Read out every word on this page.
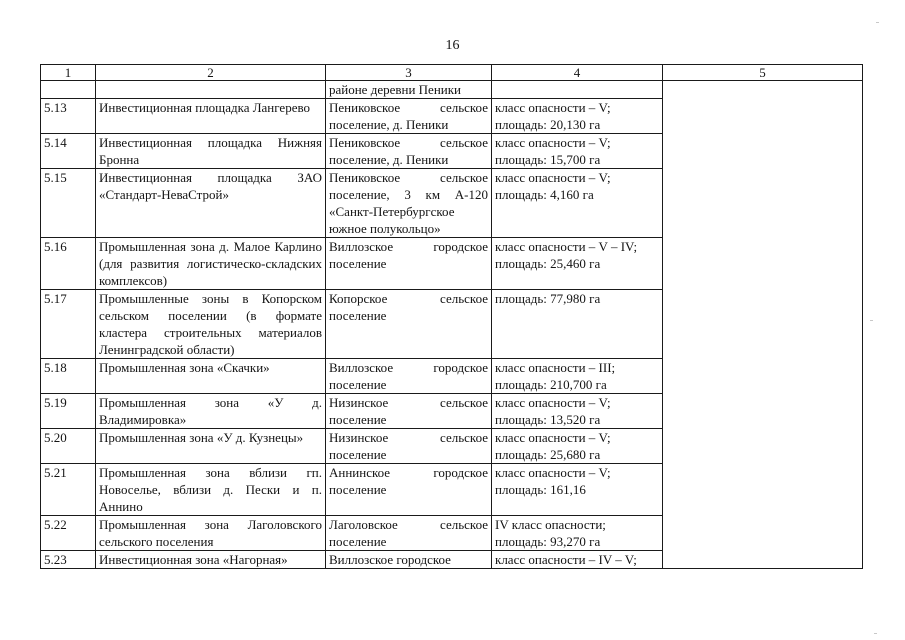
16
1	2	3	4	5
		районе деревни Пеники		
5.13	Инвестиционная площадка Лангерево	Пениковское сельское поселение, д. Пеники	класс опасности – V; площадь: 20,130 га	
5.14	Инвестиционная площадка Нижняя Бронна	Пениковское сельское поселение, д. Пеники	класс опасности – V; площадь: 15,700 га	
5.15	Инвестиционная площадка ЗАО «Стандарт-НеваСтрой»	Пениковское сельское поселение, 3 км А-120 «Санкт-Петербургское южное полукольцо»	класс опасности – V; площадь: 4,160 га	
5.16	Промышленная зона д. Малое Карлино (для развития логистическо-складских комплексов)	Виллозское городское поселение	класс опасности – V – IV; площадь: 25,460 га	
5.17	Промышленные зоны в Копорском сельском поселении (в формате кластера строительных материалов Ленинградской области)	Копорское сельское поселение	площадь: 77,980 га	
5.18	Промышленная зона «Скачки»	Виллозское городское поселение	класс опасности – III; площадь: 210,700 га	
5.19	Промышленная зона «У д. Владимировка»	Низинское сельское поселение	класс опасности – V; площадь: 13,520 га	
5.20	Промышленная зона «У д. Кузнецы»	Низинское сельское поселение	класс опасности – V; площадь: 25,680 га	
5.21	Промышленная зона вблизи гп. Новоселье, вблизи д. Пески и п. Аннино	Аннинское городское поселение	класс опасности – V; площадь: 161,16	
5.22	Промышленная зона Лаголовского сельского поселения	Лаголовское сельское поселение	IV класс опасности; площадь: 93,270 га	
5.23	Инвестиционная зона «Нагорная»	Виллозское городское	класс опасности – IV – V;	
